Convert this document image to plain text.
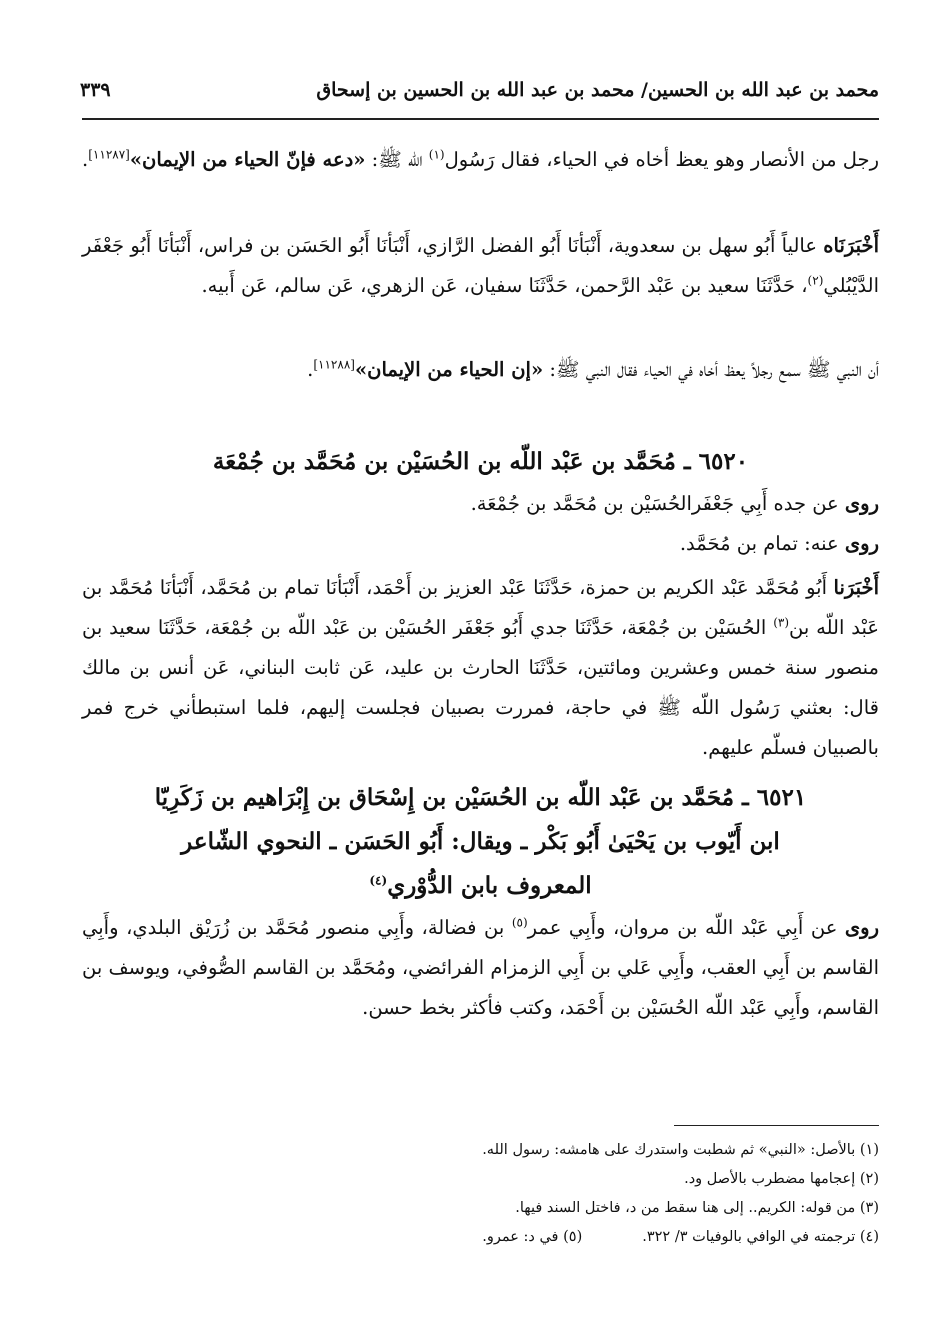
محمد بن عبد الله بن الحسين/ محمد بن عبد الله بن الحسين بن إسحاق
٣٣٩

رجل من الأنصار وهو يعظ أخاه في الحياء، فقال رَسُول$^{(١)}$ الله ﷺ: «دعه فإنّ الحياء من الإيمان»[١١٢٨٧].

أَخْبَرَنَاه عالياً أَبُو سهل بن سعدوية، أَنْبَأنَا أَبُو الفضل الرَّازي، أَنْبَأنَا أَبُو الحَسَن بن فراس، أَنْبَأنَا أَبُو جَعْفَر الدَّيْبُلي$^{(٢)}$، حَدَّثَنَا سعيد بن عَبْد الرَّحمن، حَدَّثَنَا سفيان، عَن الزهري، عَن سالم، عَن أَبيه.

أن النبي ﷺ سمع رجلاً يعظ أخاه في الحياء فقال النبي ﷺ: «إن الحياء من الإيمان»[١١٢٨٨].

٦٥٢٠ ـ مُحَمَّد بن عَبْد اللّه بن الحُسَيْن بن مُحَمَّد بن جُمْعَة

روى عن جده أَبِي جَعْفَرالحُسَيْن بن مُحَمَّد بن جُمْعَة.

روى عنه: تمام بن مُحَمَّد.

أَخْبَرَنا أَبُو مُحَمَّد عَبْد الكريم بن حمزة، حَدَّثَنَا عَبْد العزيز بن أَحْمَد، أَنْبَأنَا تمام بن مُحَمَّد، أَنْبَأنَا مُحَمَّد بن عَبْد اللّه بن$^{(٣)}$ الحُسَيْن بن جُمْعَة، حَدَّثَنَا جدي أَبُو جَعْفَر الحُسَيْن بن عَبْد اللّه بن جُمْعَة، حَدَّثَنَا سعيد بن منصور سنة خمس وعشرين ومائتين، حَدَّثَنَا الحارث بن عليد، عَن ثابت البناني، عَن أنس بن مالك قال: بعثني رَسُول اللّه ﷺ في حاجة، فمررت بصبيان فجلست إليهم، فلما استبطأني خرج فمر بالصبيان فسلّم عليهم.

٦٥٢١ ـ مُحَمَّد بن عَبْد اللّه بن الحُسَيْن بن إِسْحَاق بن إِبْرَاهيم بن زَكَرِيّا
ابن أَيّوب بن يَحْيَىٰ أَبُو بَكْر ـ ويقال: أَبُو الحَسَن ـ النحوي الشّاعر
المعروف بابن الدُّوْري$^{(٤)}$

روى عن أَبِي عَبْد اللّه بن مروان، وأَبِي عمر$^{(٥)}$ بن فضالة، وأَبِي منصور مُحَمَّد بن زُرَيْق البلدي، وأَبِي القاسم بن أَبِي العقب، وأَبِي عَلي بن أَبِي الزمزام الفرائضي، ومُحَمَّد بن القاسم الصُّوفي، ويوسف بن القاسم، وأَبِي عَبْد اللّه الحُسَيْن بن أَحْمَد، وكتب فأكثر بخط حسن.

(١) بالأصل: «النبي» ثم شطبت واستدرك على هامشه: رسول الله.
(٢) إعجامها مضطرب بالأصل ود.
(٣) من قوله: الكريم.. إلى هنا سقط من د، فاختل السند فيها.
(٤) ترجمته في الوافي بالوفيات ٣/ ٣٢٢.
(٥) في د: عمرو.
